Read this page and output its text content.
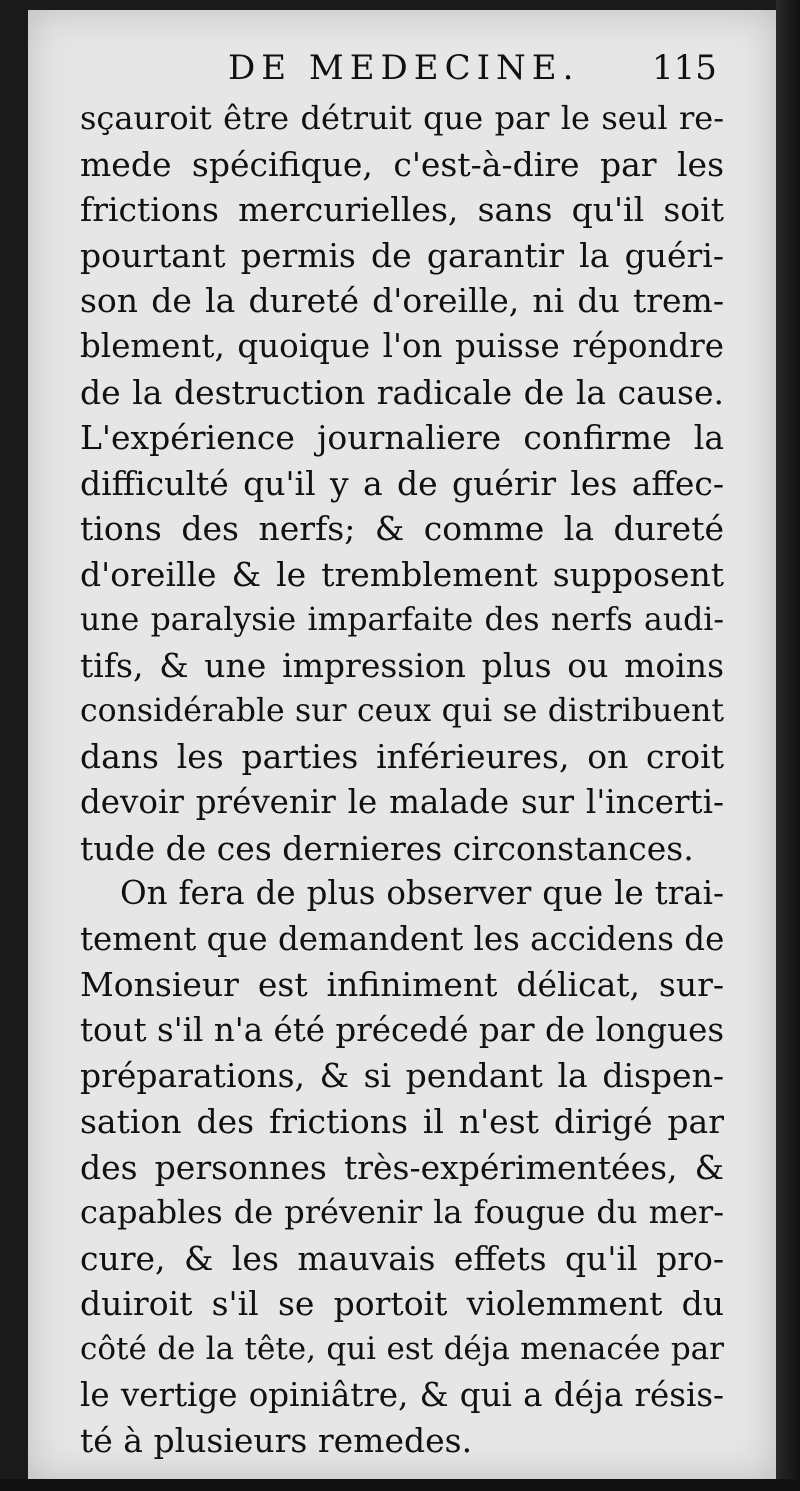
DE MEDECINE. 115
sçauroit être détruit que par le seul re-
mede spécifique, c'est-à-dire par les
frictions mercurielles, sans qu'il soit
pourtant permis de garantir la guéri-
son de la dureté d'oreille, ni du trem-
blement, quoique l'on puisse répondre
de la destruction radicale de la cause.
L'expérience journaliere confirme la
difficulté qu'il y a de guérir les affec-
tions des nerfs; & comme la dureté
d'oreille & le tremblement supposent
une paralysie imparfaite des nerfs audi-
tifs, & une impression plus ou moins
considérable sur ceux qui se distribuent
dans les parties inférieures, on croit
devoir prévenir le malade sur l'incerti-
tude de ces dernieres circonstances.
On fera de plus observer que le trai-
tement que demandent les accidens de
Monsieur est infiniment délicat, sur-
tout s'il n'a été précedé par de longues
préparations, & si pendant la dispen-
sation des frictions il n'est dirigé par
des personnes très-expérimentées, &
capables de prévenir la fougue du mer-
cure, & les mauvais effets qu'il pro-
duiroit s'il se portoit violemment du
côté de la tête, qui est déja menacée par
le vertige opiniâtre, & qui a déja résis-
té à plusieurs remedes.
